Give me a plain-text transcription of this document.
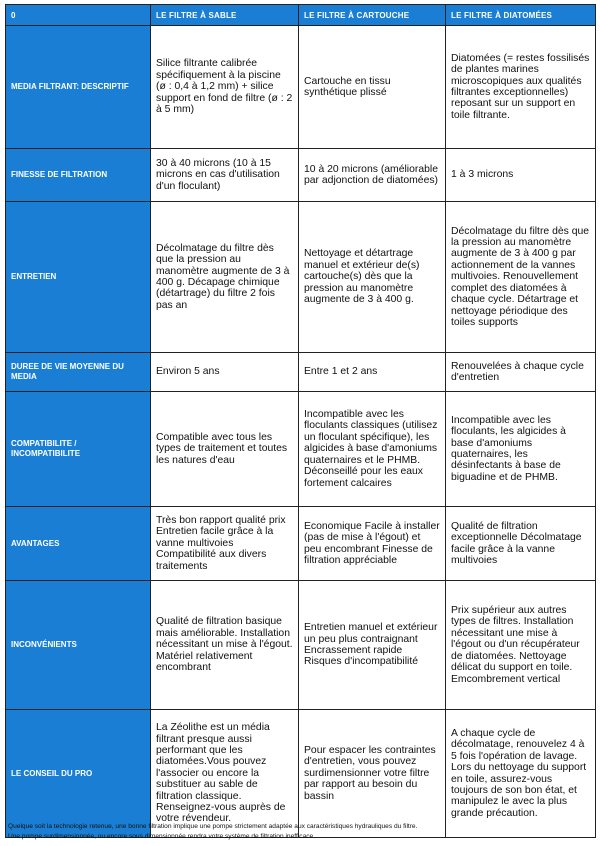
0	LE FILTRE À SABLE	LE FILTRE À CARTOUCHE	LE FILTRE À DIATOMÉES
MEDIA FILTRANT: DESCRIPTIF	Silice filtrante calibrée spécifiquement à la piscine (ø : 0,4 à 1,2 mm) + silice support en fond de filtre (ø : 2 à 5 mm)	Cartouche en tissu synthétique plissé	Diatomées (= restes fossilisés de plantes marines microscopiques aux qualités filtrantes exceptionnelles) reposant sur un support en toile filtrante.
FINESSE DE FILTRATION	30 à 40 microns (10 à 15 microns en cas d'utilisation d'un floculant)	10 à 20 microns (améliorable par adjonction de diatomées)	1 à 3 microns
ENTRETIEN	Décolmatage du filtre dès que la pression au manomètre augmente de 3 à 400 g. Décapage chimique (détartrage) du filtre 2 fois pas an	Nettoyage et détartrage manuel et extérieur de(s) cartouche(s) dès que la pression au manomètre augmente de 3 à 400 g.	Décolmatage du filtre dès que la pression au manomètre augmente de 3 à 400 g par actionnement de la vannes multivoies. Renouvellement complet des diatomées à chaque cycle. Détartrage et nettoyage périodique des toiles supports
DUREE DE VIE MOYENNE DU MEDIA	Environ 5 ans	Entre 1 et 2 ans	Renouvelées à chaque cycle d'entretien
COMPATIBILITE / INCOMPATIBILITE	Compatible avec tous les types de traitement et toutes les natures d'eau	Incompatible avec les floculants classiques (utilisez un floculant spécifique), les algicides à base d'amoniums quaternaires et le PHMB. Déconseillé pour les eaux fortement calcaires	Incompatible avec les floculants, les algicides à base d'amoniums quaternaires, les désinfectants à base de biguadine et de PHMB.
AVANTAGES	Très bon rapport qualité prix Entretien facile grâce à la vanne multivoies Compatibilité aux divers traitements	Economique Facile à installer (pas de mise à l'égout) et peu encombrant Finesse de filtration appréciable	Qualité de filtration exceptionnelle Décolmatage facile grâce à la vanne multivoies
INCONVÉNIENTS	Qualité de filtration basique mais améliorable. Installation nécessitant un mise à l'égout. Matériel relativement encombrant	Entretien manuel et extérieur un peu plus contraignant Encrassement rapide Risques d'incompatibilité	Prix supérieur aux autres types de filtres. Installation nécessitant une mise à l'égout ou d'un récupérateur de diatomées. Nettoyage délicat du support en toile. Emcombrement vertical
LE CONSEIL DU PRO	La Zéolithe est un média filtrant presque aussi performant que les diatomées.Vous pouvez l'associer ou encore la substituer au sable de filtration classique. Renseignez-vous auprès de votre révendeur.	Pour espacer les contraintes d'entretien, vous pouvez surdimensionner votre filtre par rapport au besoin du bassin	A chaque cycle de décolmatage, renouvelez 4 à 5 fois l'opération de lavage. Lors du nettoyage du support en toile, assurez-vous toujours de son bon état, et manipulez le avec la plus grande précaution.
Quelque soit la technologie retenue, une bonne filtration implique une pompe strictement adaptée aux caractéristiques hydrauliques du filtre.
Une pompe surdimensionnée, ou encore sous dimensionnée rendra votre système de filtration inefficace.
